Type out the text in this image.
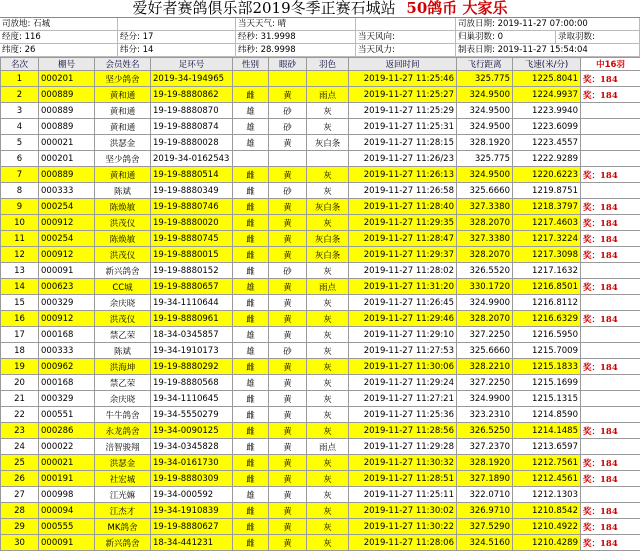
爱好者赛鸽俱乐部2019冬季正赛石城站 50鸽币 大家乐
司放地: 石城	当天天气: 晴	司放日期: 2019-11-27 07:00:00
经度: 116	经分: 17	经秒: 31.9998	当天风向:	归巢羽数: 0	录取羽数:
纬度: 26	纬分: 14	纬秒: 28.9998	当天风力:	制表日期: 2019-11-27 15:54:04
名次	棚号	会员姓名	足环号	性别	眼砂	羽色	返回时间	飞行距离	飞速(米/分)	中16羽
1	000201	坚少鸽舍	2019-34-194965				2019-11-27 11:25:46	325.775	1225.8041	奖：184
2	000889	黄和通	19-19-8880862	雌	黄	雨点	2019-11-27 11:25:27	324.9500	1224.9937	奖：184
3	000889	黄和通	19-19-8880870	雄	砂	灰	2019-11-27 11:25:29	324.9500	1223.9940	
4	000889	黄和通	19-19-8880874	雄	砂	灰	2019-11-27 11:25:31	324.9500	1223.6099	
5	000021	洪瑟金	19-19-8880028	雄	黄	灰白条	2019-11-27 11:28:15	328.1920	1223.4557	
6	000201	坚少鸽舍	2019-34-0162543				2019-11-27 11:26/23	325.775	1222.9289	
7	000889	黄和通	19-19-8880514	雌	黄	灰	2019-11-27 11:26:13	324.9500	1220.6223	奖：184
8	000333	陈斌	19-19-8880349	雌	砂	灰	2019-11-27 11:26:58	325.6660	1219.8751	
9	000254	陈焕敏	19-19-8880746	雌	黄	灰白条	2019-11-27 11:28:40	327.3380	1218.3797	奖：184
10	000912	洪茂仪	19-19-8880020	雌	黄	灰	2019-11-27 11:29:35	328.2070	1217.4603	奖：184
11	000254	陈焕敏	19-19-8880745	雌	黄	灰白条	2019-11-27 11:28:47	327.3380	1217.3224	奖：184
12	000912	洪茂仪	19-19-8880015	雌	黄	灰白条	2019-11-27 11:29:37	328.2070	1217.3098	奖：184
13	000091	新兴鸽舍	19-19-8880152	雌	砂	灰	2019-11-27 11:28:02	326.5520	1217.1632	
14	000623	CC城	19-19-8880657	雄	黄	雨点	2019-11-27 11:31:20	330.1720	1216.8501	奖：184
15	000329	余庆晓	19-34-1110644	雌	黄	灰	2019-11-27 11:26:45	324.9900	1216.8112	
16	000912	洪茂仪	19-19-8880961	雌	黄	灰	2019-11-27 11:29:46	328.2070	1216.6329	奖：184
17	000168	禁乙荣	18-34-0345857	雄	黄	灰	2019-11-27 11:29:10	327.2250	1216.5950	
18	000333	陈斌	19-34-1910173	雄	砂	灰	2019-11-27 11:27:53	325.6660	1215.7009	
19	000962	洪海坤	19-19-8880292	雌	黄	灰	2019-11-27 11:30:06	328.2210	1215.1833	奖：184
20	000168	禁乙荣	19-19-8880568	雄	黄	灰	2019-11-27 11:29:24	327.2250	1215.1699	
21	000329	余庆晓	19-34-1110645	雌	黄	灰	2019-11-27 11:27:21	324.9900	1215.1315	
22	000551	牛牛鸽舍	19-34-5550279	雌	黄	灰	2019-11-27 11:25:36	323.2310	1214.8590	
23	000286	永龙鸽舍	19-34-0090125	雌	黄	灰	2019-11-27 11:28:56	326.5250	1214.1485	奖：184
24	000022	涪智骏翔	19-34-0345828	雌	黄	雨点	2019-11-27 11:29:28	327.2370	1213.6597	
25	000021	洪瑟金	19-34-0161730	雌	黄	灰	2019-11-27 11:30:32	328.1920	1212.7561	奖：184
26	000191	社宏城	19-19-8880309	雌	黄	灰	2019-11-27 11:28:51	327.1890	1212.4561	奖：184
27	000998	江光嫲	19-34-000592	雄	黄	灰	2019-11-27 11:25:11	322.0710	1212.1303	
28	000094	江杰才	19-34-1910839	雌	黄	灰	2019-11-27 11:30:02	326.9710	1210.8542	奖：184
29	000555	MK鸽舍	19-19-8880627	雌	黄	灰	2019-11-27 11:30:22	327.5290	1210.4922	奖：184
30	000091	新兴鸽舍	18-34-441231	雌	黄	灰	2019-11-27 11:28:06	324.5160	1210.4289	奖：184
